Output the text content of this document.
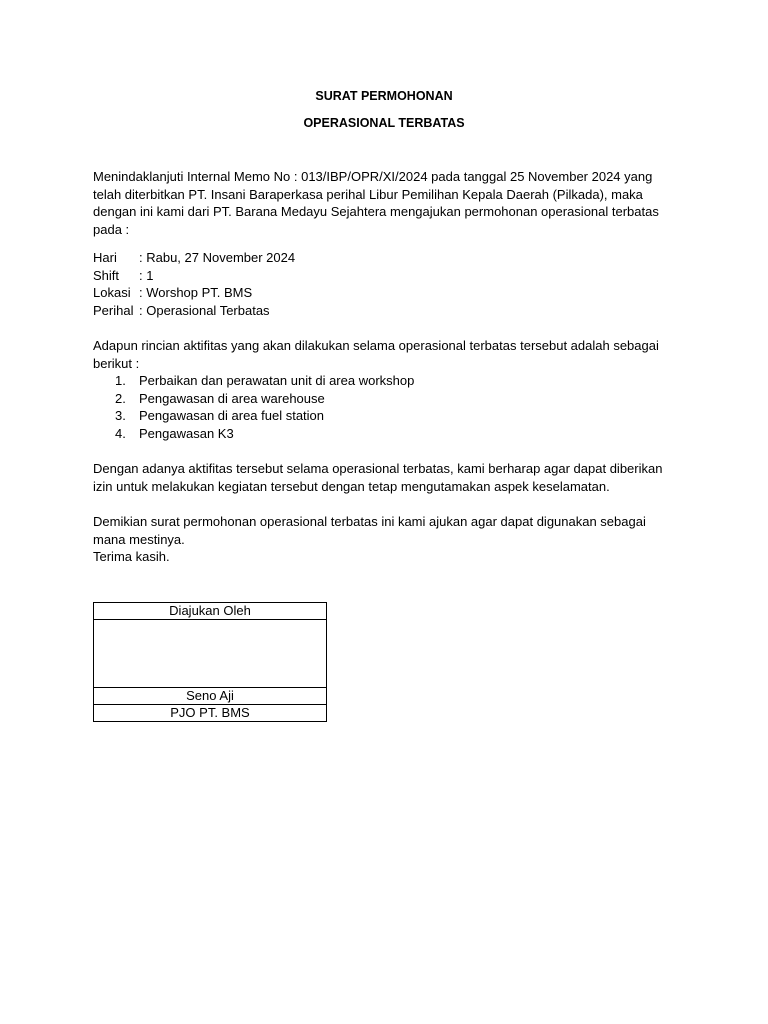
SURAT PERMOHONAN
OPERASIONAL TERBATAS

Menindaklanjuti Internal Memo No : 013/IBP/OPR/XI/2024 pada tanggal 25 November 2024 yang
telah diterbitkan PT. Insani Baraperkasa perihal Libur Pemilihan Kepala Daerah (Pilkada), maka
dengan ini kami dari PT. Barana Medayu Sejahtera mengajukan permohonan operasional terbatas
pada :

Hari	: Rabu, 27 November 2024
Shift	: 1
Lokasi : Worshop PT. BMS
Perihal : Operasional Terbatas

Adapun rincian aktifitas yang akan dilakukan selama operasional terbatas tersebut adalah sebagai
berikut :

1.	Perbaikan dan perawatan unit di area workshop
2.	Pengawasan di area warehouse
3.	Pengawasan di area fuel station
4.	Pengawasan K3

Dengan adanya aktifitas tersebut selama operasional terbatas, kami berharap agar dapat diberikan
izin untuk melakukan kegiatan tersebut dengan tetap mengutamakan aspek keselamatan.

Demikian surat permohonan operasional terbatas ini kami ajukan agar dapat digunakan sebagai
mana mestinya.
Terima kasih.

Diajukan Oleh

Seno Aji
PJO PT. BMS
